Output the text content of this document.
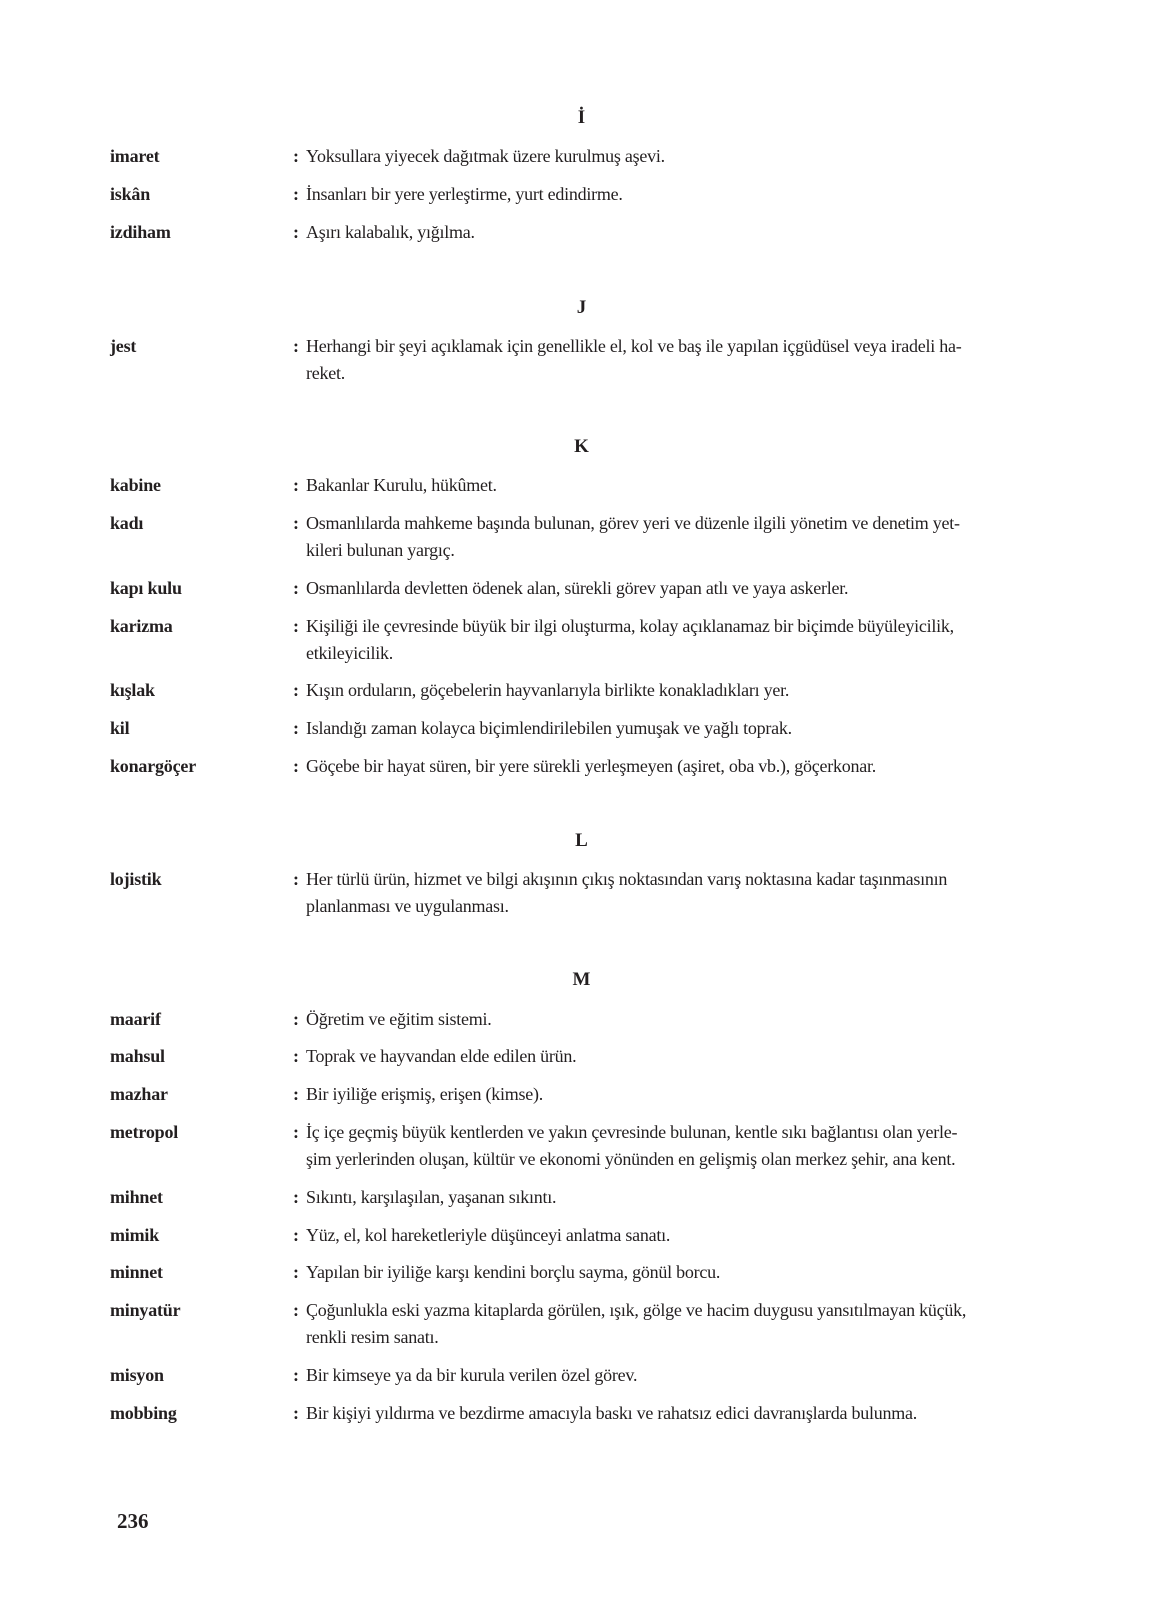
İ
imaret	: Yoksullara yiyecek dağıtmak üzere kurulmuş aşevi.
iskân	: İnsanları bir yere yerleştirme, yurt edindirme.
izdiham	: Aşırı kalabalık, yığılma.
J
jest	: Herhangi bir şeyi açıklamak için genellikle el, kol ve baş ile yapılan içgüdüsel veya iradeli ha-
reket.
K
kabine	: Bakanlar Kurulu, hükûmet.
kadı	: Osmanlılarda mahkeme başında bulunan, görev yeri ve düzenle ilgili yönetim ve denetim yet-
kileri bulunan yargıç.
kapı kulu	: Osmanlılarda devletten ödenek alan, sürekli görev yapan atlı ve yaya askerler.
karizma	: Kişiliği ile çevresinde büyük bir ilgi oluşturma, kolay açıklanamaz bir biçimde büyüleyicilik,
etkileyicilik.
kışlak	: Kışın orduların, göçebelerin hayvanlarıyla birlikte konakladıkları yer.
kil	: Islandığı zaman kolayca biçimlendirilebilen yumuşak ve yağlı toprak.
konargöçer	: Göçebe bir hayat süren, bir yere sürekli yerleşmeyen (aşiret, oba vb.), göçerkonar.
L
lojistik	: Her türlü ürün, hizmet ve bilgi akışının çıkış noktasından varış noktasına kadar taşınmasının
planlanması ve uygulanması.
M
maarif	: Öğretim ve eğitim sistemi.
mahsul	: Toprak ve hayvandan elde edilen ürün.
mazhar	: Bir iyiliğe erişmiş, erişen (kimse).
metropol	: İç içe geçmiş büyük kentlerden ve yakın çevresinde bulunan, kentle sıkı bağlantısı olan yerle-
şim yerlerinden oluşan, kültür ve ekonomi yönünden en gelişmiş olan merkez şehir, ana kent.
mihnet	: Sıkıntı, karşılaşılan, yaşanan sıkıntı.
mimik	: Yüz, el, kol hareketleriyle düşünceyi anlatma sanatı.
minnet	: Yapılan bir iyiliğe karşı kendini borçlu sayma, gönül borcu.
minyatür	: Çoğunlukla eski yazma kitaplarda görülen, ışık, gölge ve hacim duygusu yansıtılmayan küçük,
renkli resim sanatı.
misyon	: Bir kimseye ya da bir kurula verilen özel görev.
mobbing	: Bir kişiyi yıldırma ve bezdirme amacıyla baskı ve rahatsız edici davranışlarda bulunma.
236
